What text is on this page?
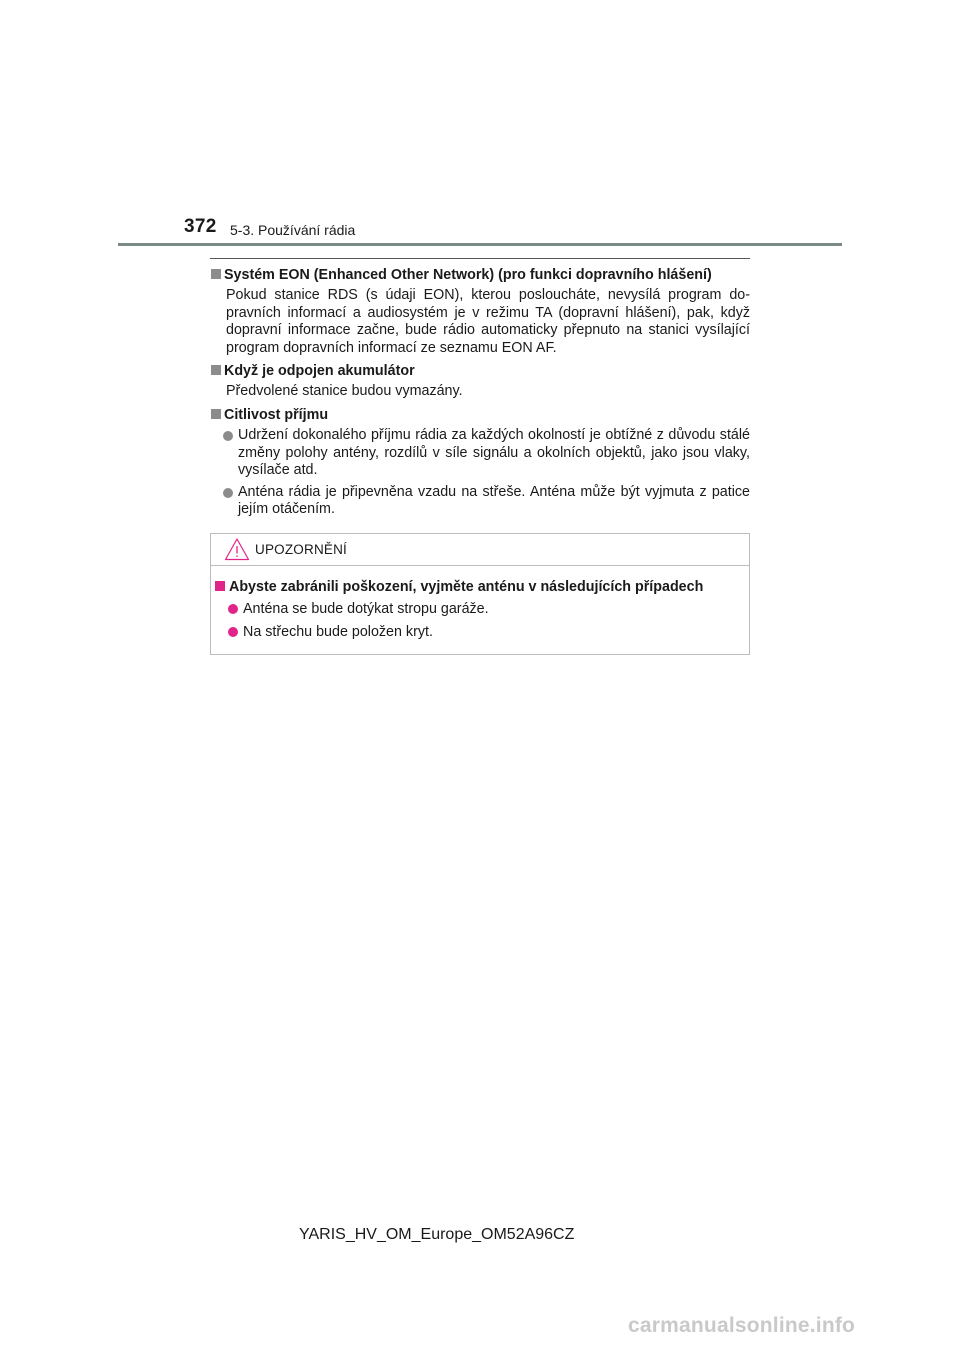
372 5-3. Používání rádia
Systém EON (Enhanced Other Network) (pro funkci dopravního hlášení)

Pokud stanice RDS (s údaji EON), kterou posloucháte, nevysílá program dopravních informací a audiosystém je v režimu TA (dopravní hlášení), pak, když dopravní informace začne, bude rádio automaticky přepnuto na stanici vysílající program dopravních informací ze seznamu EON AF.

Když je odpojen akumulátor

Předvolené stanice budou vymazány.

Citlivost příjmu
Udržení dokonalého příjmu rádia za každých okolností je obtížné z důvodu stálé změny polohy antény, rozdílů v síle signálu a okolních objektů, jako jsou vlaky, vysílače atd.
Anténa rádia je připevněna vzadu na střeše. Anténa může být vyjmuta z patice jejím otáčením.
UPOZORNĚNÍ
Abyste zabránili poškození, vyjměte anténu v následujících případech
Anténa se bude dotýkat stropu garáže.
Na střechu bude položen kryt.
YARIS_HV_OM_Europe_OM52A96CZ
carmanualsonline.info
